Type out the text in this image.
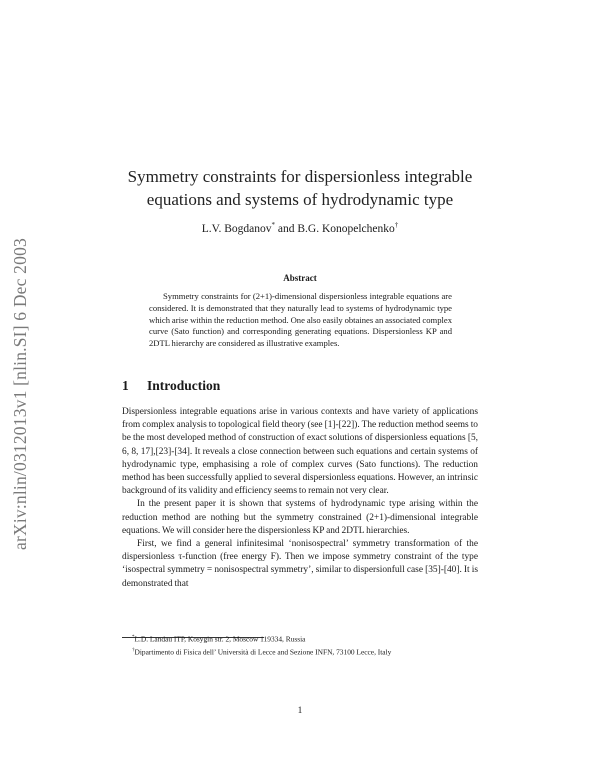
arXiv:nlin/0312013v1 [nlin.SI] 6 Dec 2003
Symmetry constraints for dispersionless integrable
equations and systems of hydrodynamic type
L.V. Bogdanov* and B.G. Konopelchenko†
Abstract
Symmetry constraints for (2+1)-dimensional dispersionless integrable equations are considered. It is demonstrated that they naturally lead to systems of hydrodynamic type which arise within the reduction method. One also easily obtaines an associated complex curve (Sato function) and corresponding generating equations. Dispersionless KP and 2DTL hierarchy are considered as illustrative examples.
1 Introduction

Dispersionless integrable equations arise in various contexts and have variety of applications from complex analysis to topological field theory (see [1]-[22]). The reduction method seems to be the most developed method of construction of exact solutions of dispersionless equations [5, 6, 8, 17],[23]-[34]. It reveals a close connection between such equations and certain systems of hydrodynamic type, emphasising a role of complex curves (Sato functions). The reduction method has been successfully applied to several dispersionless equations. However, an intrinsic background of its validity and efficiency seems to remain not very clear.

In the present paper it is shown that systems of hydrodynamic type arising within the reduction method are nothing but the symmetry constrained (2+1)-dimensional integrable equations. We will consider here the dispersionless KP and 2DTL hierarchies.

First, we find a general infinitesimal ‘nonisospectral’ symmetry transformation of the dispersionless τ-function (free energy F). Then we impose symmetry constraint of the type ‘isospectral symmetry = nonisospectral symmetry’, similar to dispersionfull case [35]-[40]. It is demonstrated that

*L.D. Landau ITP, Kosygin str. 2, Moscow 119334, Russia
†Dipartimento di Fisica dell’ Università di Lecce and Sezione INFN, 73100 Lecce, Italy
1
